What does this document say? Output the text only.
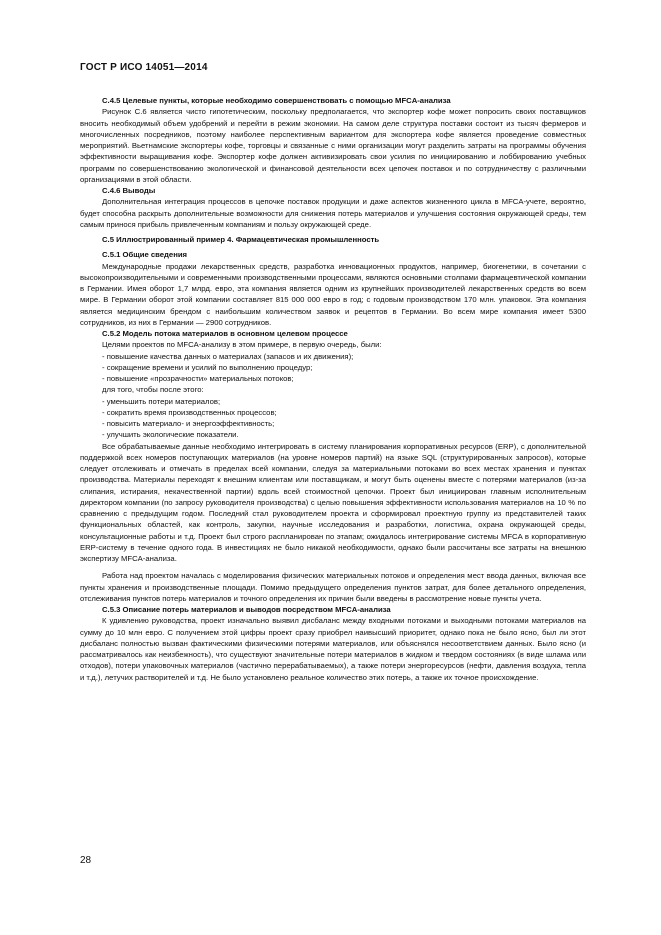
ГОСТ Р ИСО 14051—2014
С.4.5 Целевые пункты, которые необходимо совершенствовать с помощью MFCA-анализа

Рисунок С.6 является чисто гипотетическим, поскольку предполагается, что экспортер кофе может попросить своих поставщиков вносить необходимый объем удобрений и перейти в режим экономии. На самом деле структура поставки состоит из тысяч фермеров и многочисленных посредников, поэтому наиболее перспективным вариантом для экспортера кофе является проведение совместных мероприятий. Вьетнамские экспортеры кофе, торговцы и связанные с ними организации могут разделить затраты на программы обучения эффективности выращивания кофе. Экспортер кофе должен активизировать свои усилия по инициированию и лоббированию учебных программ по совершенствованию экологической и финансовой деятельности всех цепочек поставок и по сотрудничеству с различными организациями в этой области.

С.4.6 Выводы

Дополнительная интеграция процессов в цепочке поставок продукции и даже аспектов жизненного цикла в MFCA-учете, вероятно, будет способна раскрыть дополнительные возможности для снижения потерь материалов и улучшения состояния окружающей среды, тем самым принося прибыль привлеченным компаниям и пользу окружающей среде.

С.5 Иллюстрированный пример 4. Фармацевтическая промышленность
С.5.1 Общие сведения

Международные продажи лекарственных средств, разработка инновационных продуктов, например, биогенетики, в сочетании с высокопроизводительными и современными производственными процессами, являются основными столпами фармацевтической компании в Германии. Имея оборот 1,7 млрд. евро, эта компания является одним из крупнейших производителей лекарственных средств во всем мире. В Германии оборот этой компании составляет 815 000 000 евро в год; с годовым производством 170 млн. упаковок. Эта компания является медицинским брендом с наибольшим количеством заявок и рецептов в Германии. Во всем мире компания имеет 5300 сотрудников, из них в Германии — 2900 сотрудников.

С.5.2 Модель потока материалов в основном целевом процессе

Целями проектов по MFCA-анализу в этом примере, в первую очередь, были:

- повышение качества данных о материалах (запасов и их движения);
- сокращение времени и усилий по выполнению процедур;
- повышение «прозрачности» материальных потоков;
для того, чтобы после этого:
- уменьшить потери материалов;
- сократить время производственных процессов;
- повысить материало- и энергоэффективность;
- улучшить экологические показатели.

Все обрабатываемые данные необходимо интегрировать в систему планирования корпоративных ресурсов (ERP), с дополнительной поддержкой всех номеров поступающих материалов (на уровне номеров партий) на языке SQL (структурированных запросов), которые следует отслеживать и отмечать в пределах всей компании, следуя за материальными потоками во всех местах хранения и пунктах производства. Материалы переходят к внешним клиентам или поставщикам, и могут быть оценены вместе с потерями материалов (из-за слипания, истирания, некачественной партии) вдоль всей стоимостной цепочки. Проект был инициирован главным исполнительным директором компании (по запросу руководителя производства) с целью повышения эффективности использования материалов на 10 % по сравнению с предыдущим годом. Последний стал руководителем проекта и сформировал проектную группу из представителей таких функциональных областей, как контроль, закупки, научные исследования и разработки, логистика, охрана окружающей среды, консультационные работы и т.д. Проект был строго распланирован по этапам; ожидалось интегрирование системы MFCA в корпоративную ERP-систему в течение одного года. В инвестициях не было никакой необходимости, однако были рассчитаны все затраты на внешнюю экспертизу MFCA-анализа.

Работа над проектом началась с моделирования физических материальных потоков и определения мест ввода данных, включая все пункты хранения и производственные площади. Помимо предыдущего определения пунктов затрат, для более детального определения, отслеживания пунктов потерь материалов и точного определения их причин были введены в рассмотрение новые пункты учета.

С.5.3 Описание потерь материалов и выводов посредством MFCA-анализа

К удивлению руководства, проект изначально выявил дисбаланс между входными потоками и выходными потоками материалов на сумму до 10 млн евро. С получением этой цифры проект сразу приобрел наивысший приоритет, однако пока не было ясно, был ли этот дисбаланс полностью вызван фактическими физическими потерями материалов, или объяснялся несоответствием данных. Было ясно (и рассматривалось как неизбежность), что существуют значительные потери материалов в жидком и твердом состояниях (в виде шлама или отходов), потери упаковочных материалов (частично перерабатываемых), а также потери энергоресурсов (нефти, давления воздуха, тепла и т.д.), летучих растворителей и т.д. Не было установлено реальное количество этих потерь, а также их точное происхождение.

28
